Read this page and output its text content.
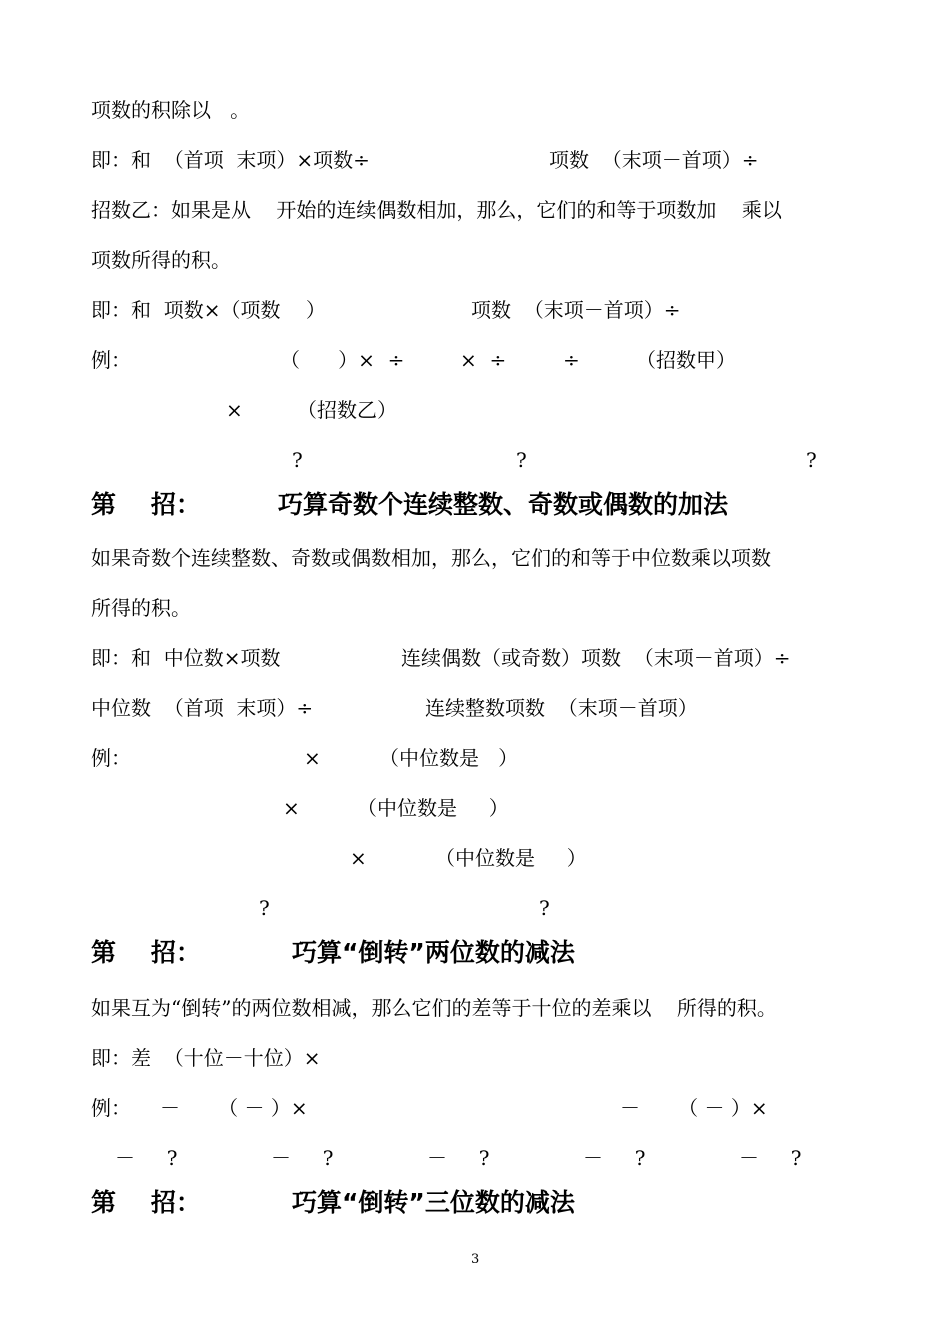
项数的积除以   。
即：和  （首项  末项）×项数÷	项数  （末项－首项）÷
招数乙：如果是从    开始的连续偶数相加，那么，它们的和等于项数加    乘以
项数所得的积。
即：和  项数×（项数    ）	项数  （末项－首项）÷
例：	（      ）×  ÷	×  ÷	÷	（招数甲）
×	（招数乙）
?	?	?
第    招：	巧算奇数个连续整数、奇数或偶数的加法
如果奇数个连续整数、奇数或偶数相加，那么，它们的和等于中位数乘以项数
所得的积。
即：和  中位数×项数	连续偶数（或奇数）项数  （末项－首项）÷
中位数  （首项  末项）÷	连续整数项数  （末项－首项）
例：	×	（中位数是   ）
×	（中位数是     ）
×	（中位数是     ）
?	?
第    招：	巧算“倒转”两位数的减法
如果互为“倒转”的两位数相减，那么它们的差等于十位的差乘以    所得的积。
即：差  （十位－十位）×
例： －      （ － ）×	－      （ － ）×
－     ?	－     ?	－     ?	－     ?	－     ?
第    招：	巧算“倒转”三位数的减法
3
